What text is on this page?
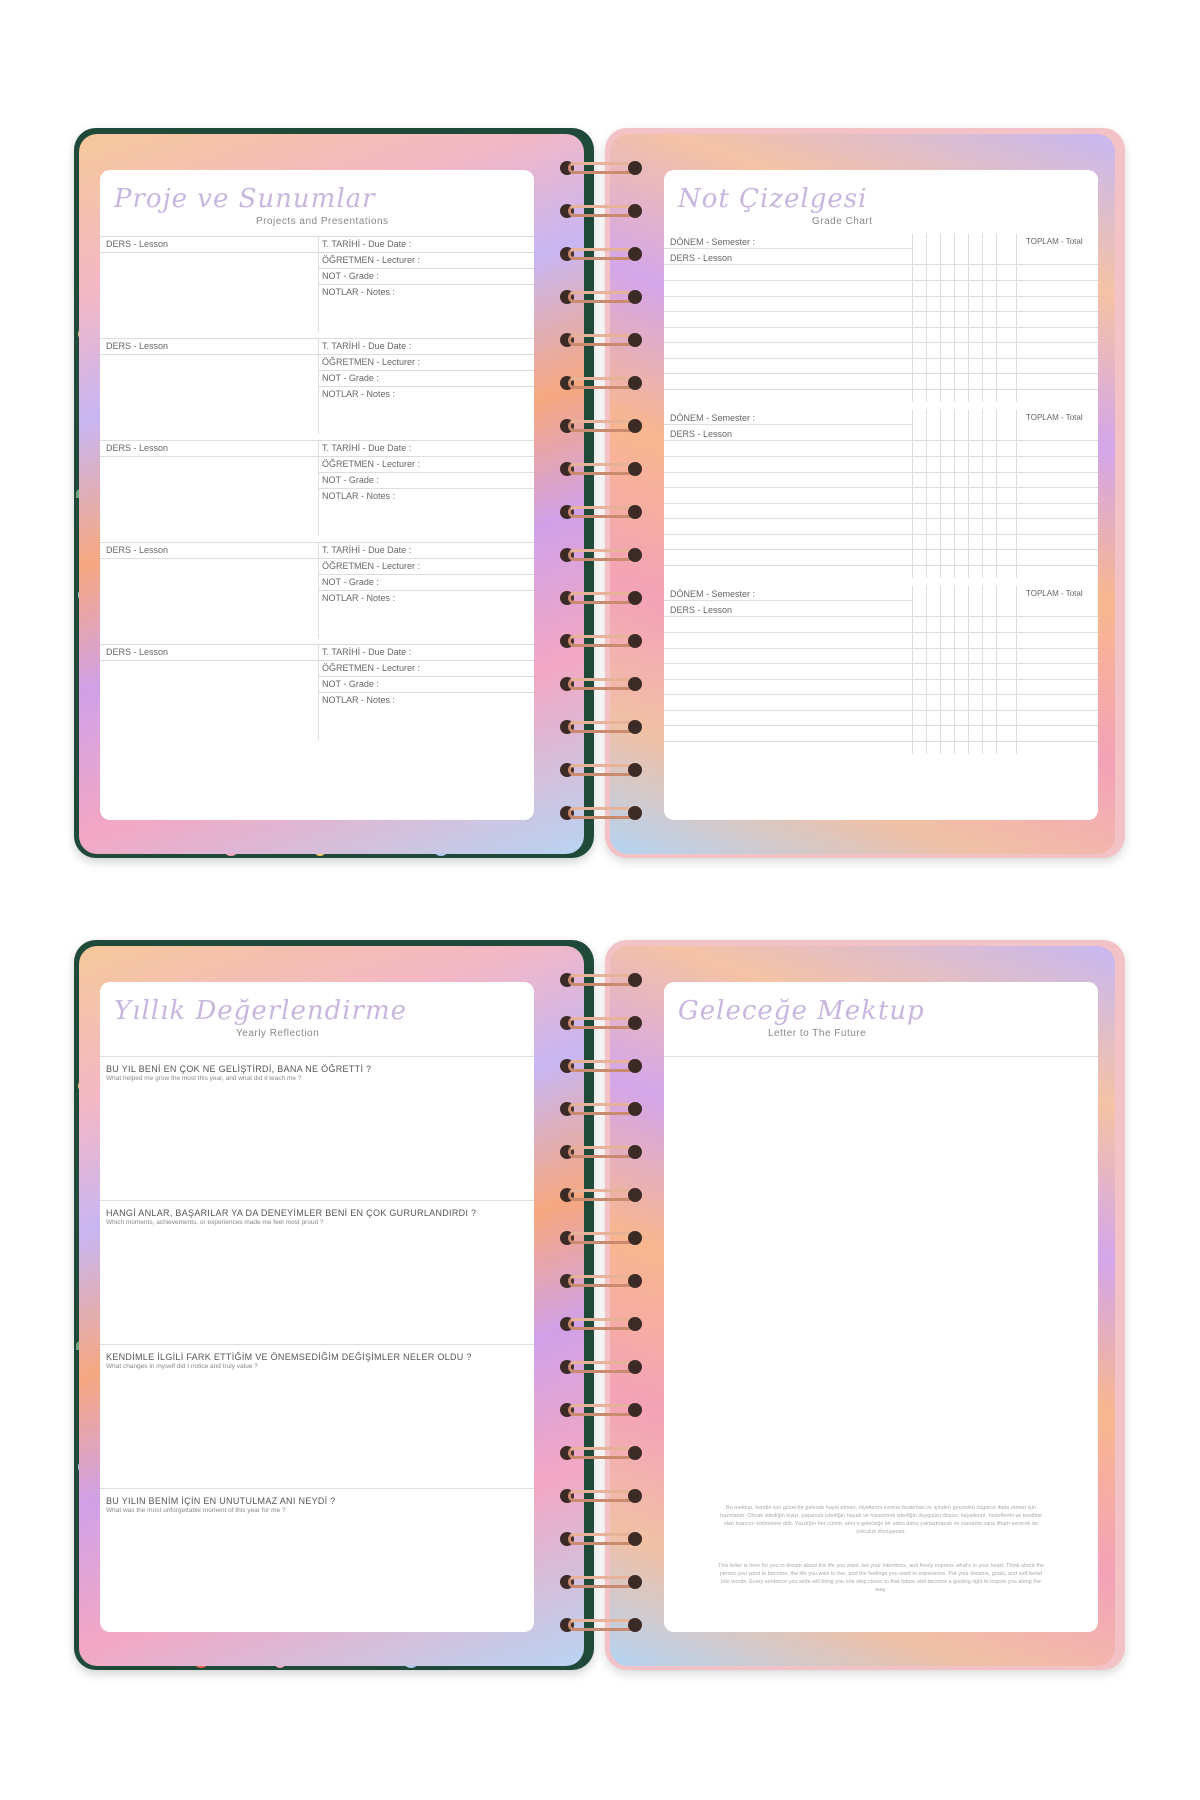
Proje ve Sunumlar
Projects and Presentations
DERS - Lesson	T. TARİHİ - Due Date :
ÖĞRETMEN - Lecturer :
NOT - Grade :
NOTLAR - Notes :
DERS - Lesson	T. TARİHİ - Due Date :
ÖĞRETMEN - Lecturer :
NOT - Grade :
NOTLAR - Notes :
DERS - Lesson	T. TARİHİ - Due Date :
ÖĞRETMEN - Lecturer :
NOT - Grade :
NOTLAR - Notes :
DERS - Lesson	T. TARİHİ - Due Date :
ÖĞRETMEN - Lecturer :
NOT - Grade :
NOTLAR - Notes :
DERS - Lesson	T. TARİHİ - Due Date :
ÖĞRETMEN - Lecturer :
NOT - Grade :
NOTLAR - Notes :
Not Çizelgesi
Grade Chart
DÖNEM - Semester :
DERS - Lesson
TOPLAM - Total
DÖNEM - Semester :
DERS - Lesson
TOPLAM - Total
DÖNEM - Semester :
DERS - Lesson
TOPLAM - Total
Yıllık Değerlendirme
Yearly Reflection
BU YIL BENİ EN ÇOK NE GELİŞTİRDİ, BANA NE ÖĞRETTİ ?
What helped me grow the most this year, and what did it teach me ?
HANGİ ANLAR, BAŞARILAR YA DA DENEYİMLER BENİ EN ÇOK GURURLANDIRDI ?
Which moments, achievements, or experiences made me feel most proud ?
KENDİMLE İLGİLİ FARK ETTİĞİM VE ÖNEMSEDİĞİM DEĞİŞİMLER NELER OLDU ?
What changes in myself did I notice and truly value ?
BU YILIN BENİM İÇİN EN UNUTULMAZ ANI NEYDİ ?
What was the most unforgettable moment of this year for me ?
Geleceğe Mektup
Letter to The Future
Bu mektup, kendin için güzel bir gelecek hayal etmen, niyetlerini evrene bırakman ve içinden geçenleri özgürce ifade etmen için hazırlandı. Olmak istediğin kişiyi, yaşamak istediğin hayatı ve hissetmek istediğin duyguları düşün; hayallerini, hedeflerini ve kendine olan inancını kelimelere dök. Yazdığın her cümle, seni o geleceğe bir adım daha yaklaştıracak ve zamanla sana ilham verecek bir yolculuk dönüşecek.
This letter is here for you to dream about the life you want, set your intentions, and freely express what's in your heart. Think about the person you want to become, the life you wish to live, and the feelings you want to experience. Put your dreams, goals, and self-belief into words. Every sentence you write will bring you one step closer to that future and become a guiding light to inspire you along the way.
